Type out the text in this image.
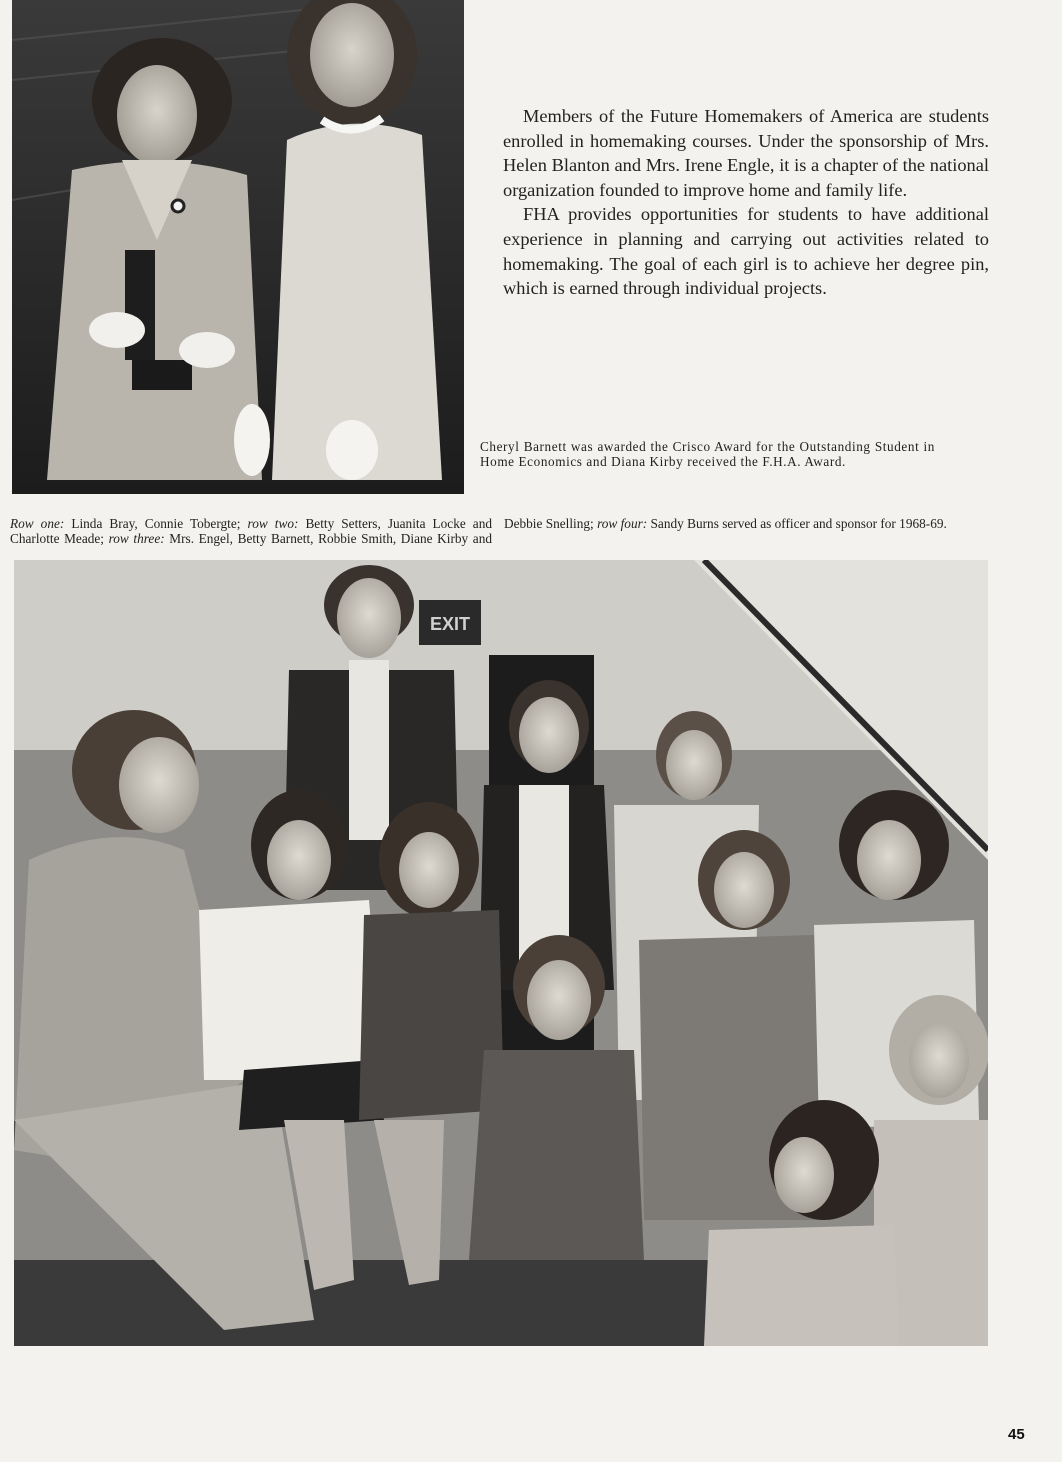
Members of the Future Homemakers of America are students enrolled in homemaking courses. Under the sponsorship of Mrs. Helen Blanton and Mrs. Irene Engle, it is a chapter of the national organization founded to improve home and family life.

FHA provides opportunities for students to have additional experience in planning and carrying out activities related to homemaking. The goal of each girl is to achieve her degree pin, which is earned through individual projects.

Cheryl Barnett was awarded the Crisco Award for the Outstanding Student in Home Economics and Diana Kirby received the F.H.A. Award.
Row one: Linda Bray, Connie Tobergte; row two: Betty Setters, Juanita Locke and Charlotte Meade; row three: Mrs. Engel, Betty Barnett, Robbie Smith, Diane Kirby and Debbie Snelling; row four: Sandy Burns served as officer and sponsor for 1968-69.
EXIT
45
